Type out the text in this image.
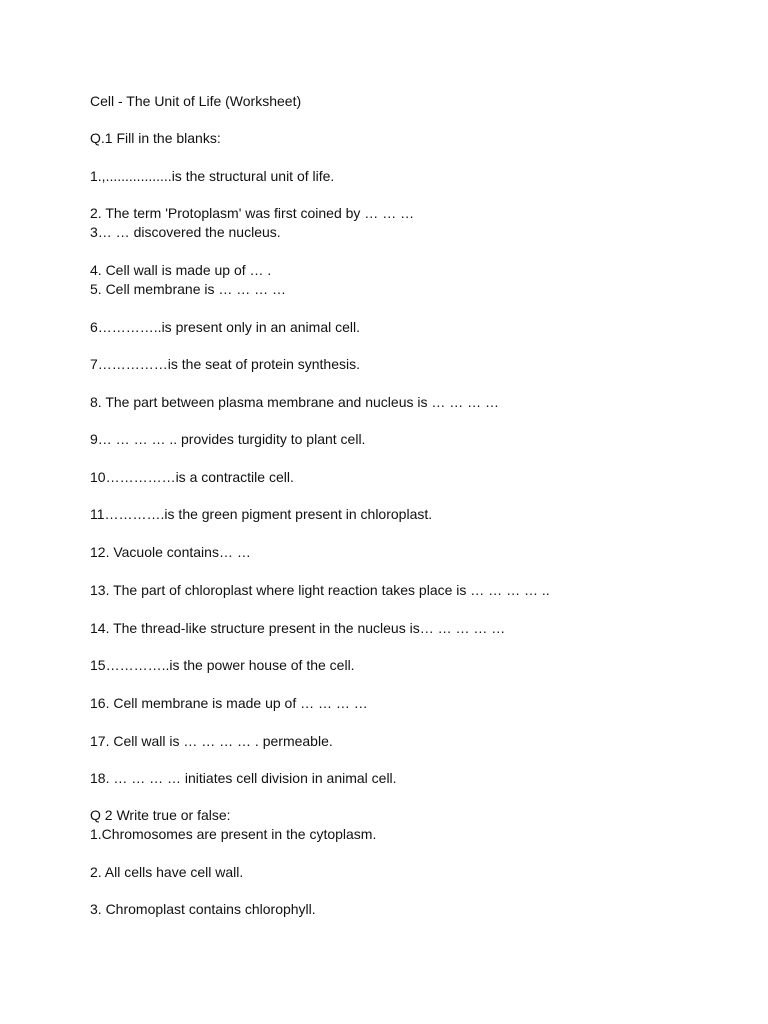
Cell - The Unit of Life (Worksheet)
Q.1 Fill in the blanks:
1.,.................is the structural unit of life.
2. The term 'Protoplasm' was first coined by … … …
3… … discovered the nucleus.
4. Cell wall is made up of … .
5. Cell membrane is … … … …
6…………..is present only in an animal cell.
7……………is the seat of protein synthesis.
8. The part between plasma membrane and nucleus is … … … …
9… … … … .. provides turgidity to plant cell.
10……………is a contractile cell.
11………….is the green pigment present in chloroplast.
12. Vacuole contains… …
13. The part of chloroplast where light reaction takes place is … … … … ..
14. The thread-like structure present in the nucleus is… … … … …
15…………..is the power house of the cell.
16. Cell membrane is made up of … … … …
17. Cell wall is … … … … . permeable.
18. … … … … initiates cell division in animal cell.
Q 2 Write true or false:
1.Chromosomes are present in the cytoplasm.
2. All cells have cell wall.
3. Chromoplast contains chlorophyll.
